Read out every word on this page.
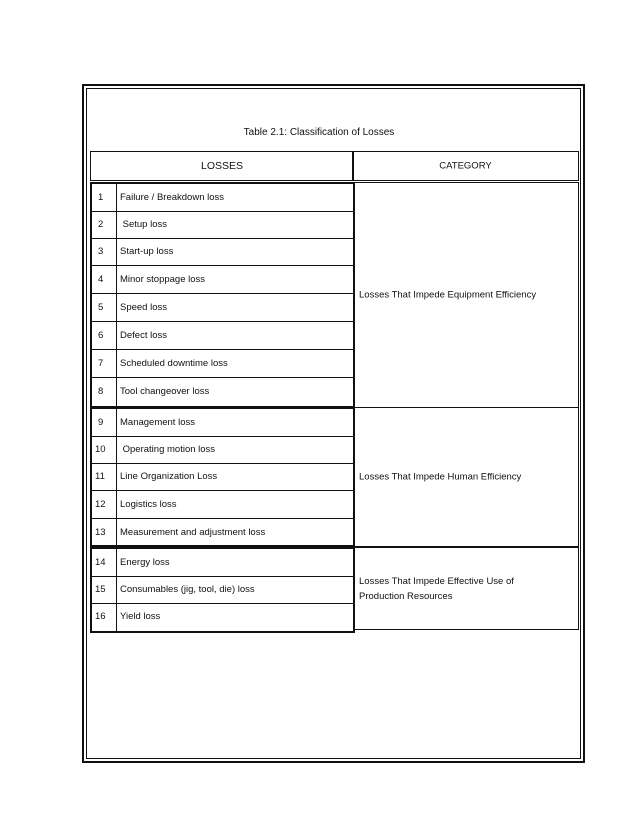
Table 2.1: Classification of Losses
LOSSES	CATEGORY
1 Failure / Breakdown loss
2 Setup loss
3 Start-up loss
4 Minor stoppage loss
5 Speed loss
6 Defect loss
7 Scheduled downtime loss
8 Tool changeover loss
Losses That Impede Equipment Efficiency
9 Management loss
10 Operating motion loss
11 Line Organization Loss
12 Logistics loss
13 Measurement and adjustment loss
Losses That Impede Human Efficiency
14 Energy loss
15 Consumables (jig, tool, die) loss
16 Yield loss
Losses That Impede Effective Use of Production Resources
